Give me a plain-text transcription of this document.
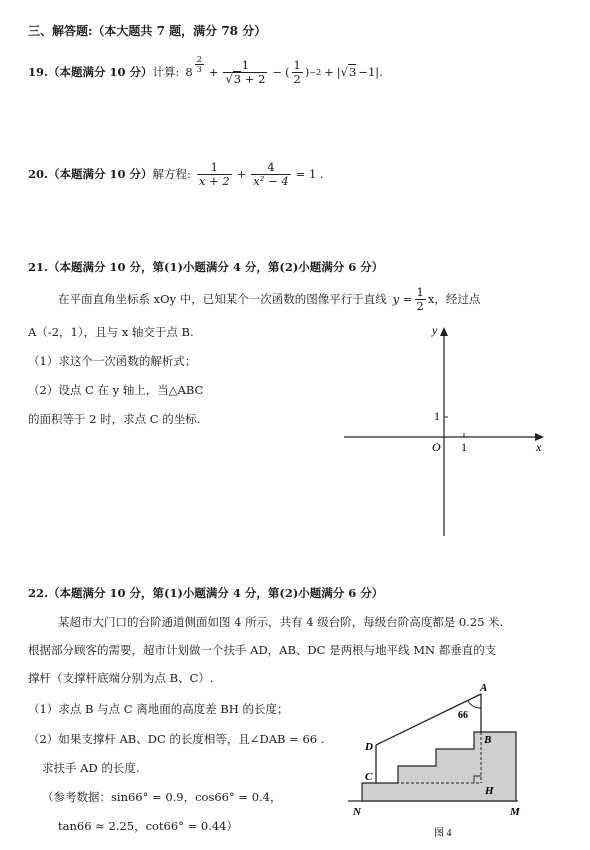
三、解答题:（本大题共 7 题，满分 78 分）
19. （本题满分 10 分） 计算: $8 \frac{2}{3} + \frac{1}{√3 + 2}$ − ( $\frac{1}{2}$ ) −2 + | √3 −1 |.
20. （本题满分 10 分） 解方程: $\frac{1}{x + 2} + \frac{4}{\text{x² − 4}} = 1$ .
21.（本题满分 10 分，第(1)小题满分 4 分，第(2)小题满分 6 分）
在平面直角坐标系 xOy 中，已知某个一次函数的图像平行于直线 $y = \frac{1}{2}$ x，经过点
A（-2，1），且与 x 轴交于点 B.
（1）求这个一次函数的解析式；
（2）设点 C 在 y 轴上，当△ABC
的面积等于 2 时，求点 C 的坐标.
y
x
O 1
1
22.（本题满分 10 分，第(1)小题满分 4 分，第(2)小题满分 6 分）
某超市大门口的台阶通道侧面如图 4 所示，共有 4 级台阶，每级台阶高度都是 0.25 米.
根据部分顾客的需要，超市计划做一个扶手 AD，AB、DC 是两根与地平线 MN 都垂直的支
撑杆（支撑杆底端分别为点 B、C）.
（1）求点 B 与点 C 离地面的高度差 BH 的长度；
（2）如果支撑杆 AB、DC 的长度相等，且∠DAB = 66 .
求扶手 AD 的长度.
（参考数据：sin66° = 0.9，cos66° = 0.4，
tan66 ≈ 2.25，cot66° = 0.44）
A
B
C
D
H
N	M
66
图 4
